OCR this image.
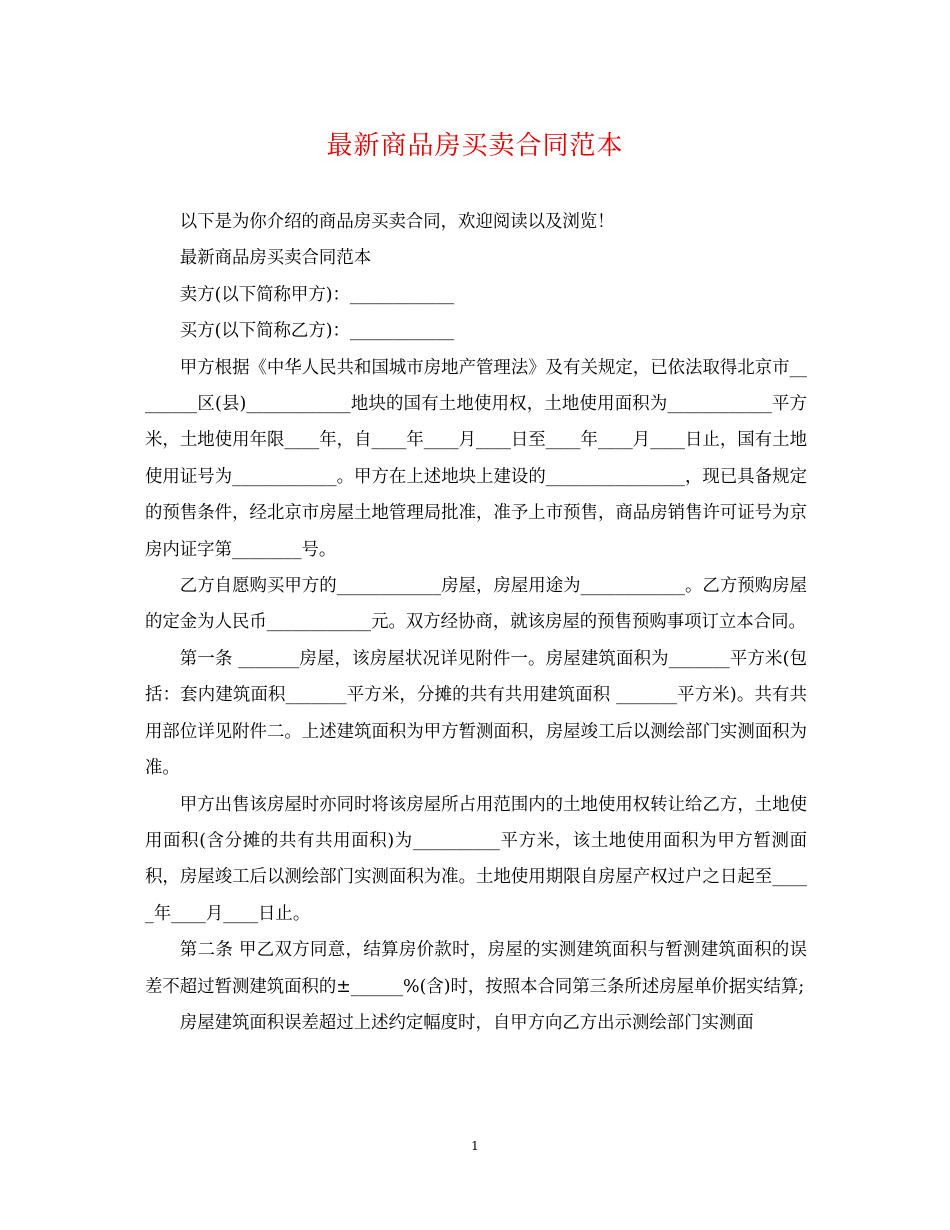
最新商品房买卖合同范本

以下是为你介绍的商品房买卖合同，欢迎阅读以及浏览！

最新商品房买卖合同范本

卖方(以下简称甲方)：____________

买方(以下简称乙方)：____________

甲方根据《中华人民共和国城市房地产管理法》及有关规定，已依法取得北京市________区(县)____________地块的国有土地使用权，土地使用面积为____________平方米，土地使用年限____年，自____年____月____日至____年____月____日止，国有土地使用证号为____________。甲方在上述地块上建设的________________，现已具备规定的预售条件，经北京市房屋土地管理局批准，准予上市预售，商品房销售许可证号为京房内证字第________号。

乙方自愿购买甲方的____________房屋，房屋用途为____________。乙方预购房屋的定金为人民币____________元。双方经协商，就该房屋的预售预购事项订立本合同。

第一条 _______房屋，该房屋状况详见附件一。房屋建筑面积为_______平方米(包括：套内建筑面积_______平方米，分摊的共有共用建筑面积 _______平方米)。共有共用部位详见附件二。上述建筑面积为甲方暂测面积，房屋竣工后以测绘部门实测面积为准。

甲方出售该房屋时亦同时将该房屋所占用范围内的土地使用权转让给乙方，土地使用面积(含分摊的共有共用面积)为__________平方米，该土地使用面积为甲方暂测面积，房屋竣工后以测绘部门实测面积为准。土地使用期限自房屋产权过户之日起至_____年____月____日止。

第二条 甲乙双方同意，结算房价款时，房屋的实测建筑面积与暂测建筑面积的误差不超过暂测建筑面积的±______%(含)时，按照本合同第三条所述房屋单价据实结算;

房屋建筑面积误差超过上述约定幅度时，自甲方向乙方出示测绘部门实测面

1
